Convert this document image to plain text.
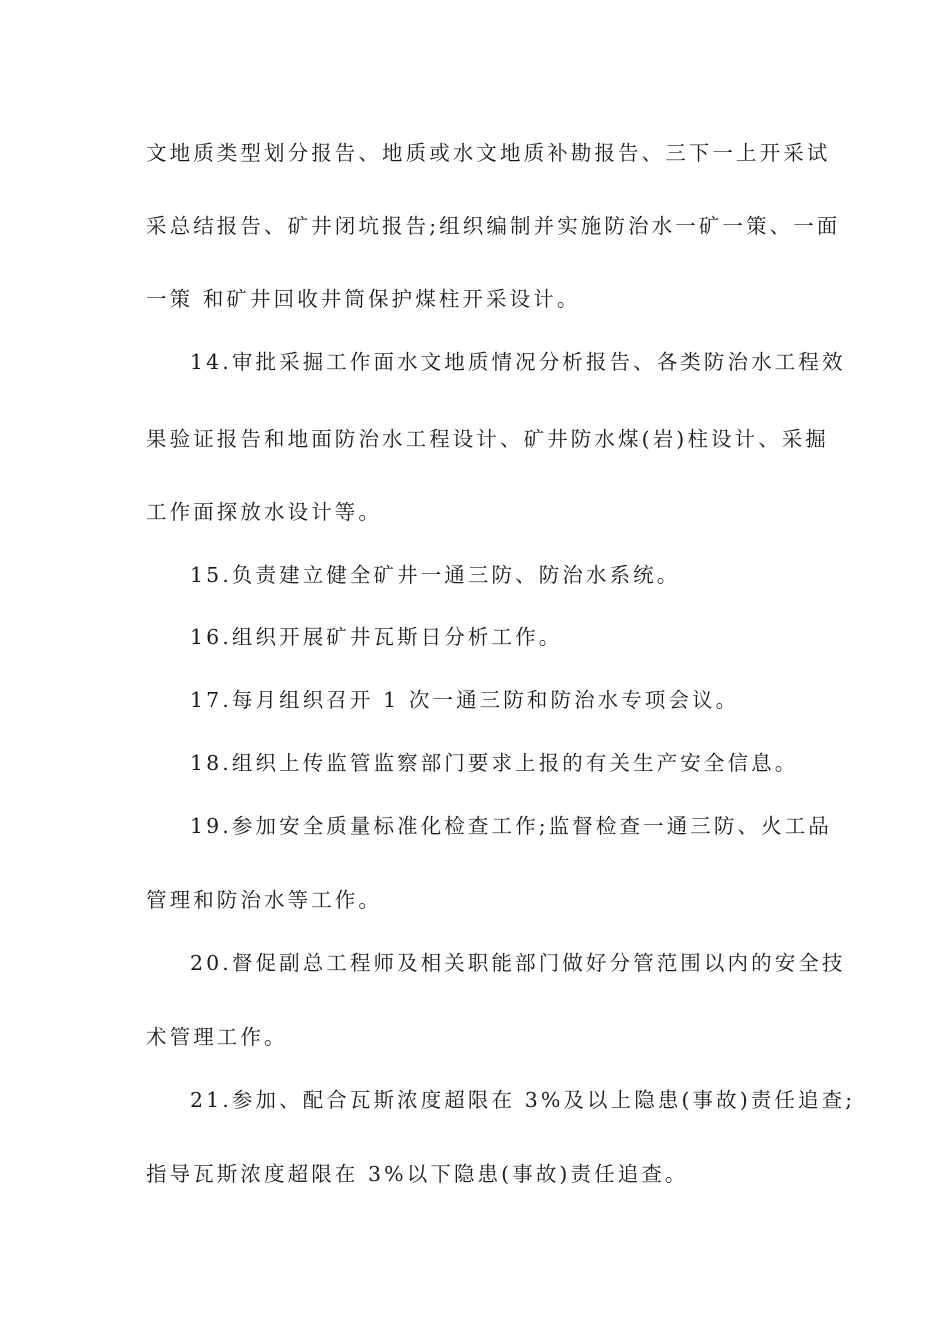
文地质类型划分报告、地质或水文地质补勘报告、三下一上开采试
采总结报告、矿井闭坑报告;组织编制并实施防治水一矿一策、一面
一策 和矿井回收井筒保护煤柱开采设计。
14.审批采掘工作面水文地质情况分析报告、各类防治水工程效
果验证报告和地面防治水工程设计、矿井防水煤(岩)柱设计、采掘
工作面探放水设计等。
15.负责建立健全矿井一通三防、防治水系统。
16.组织开展矿井瓦斯日分析工作。
17.每月组织召开 1 次一通三防和防治水专项会议。
18.组织上传监管监察部门要求上报的有关生产安全信息。
19.参加安全质量标准化检查工作;监督检查一通三防、火工品
管理和防治水等工作。
20.督促副总工程师及相关职能部门做好分管范围以内的安全技
术管理工作。
21.参加、配合瓦斯浓度超限在 3%及以上隐患(事故)责任追查;
指导瓦斯浓度超限在 3%以下隐患(事故)责任追查。
